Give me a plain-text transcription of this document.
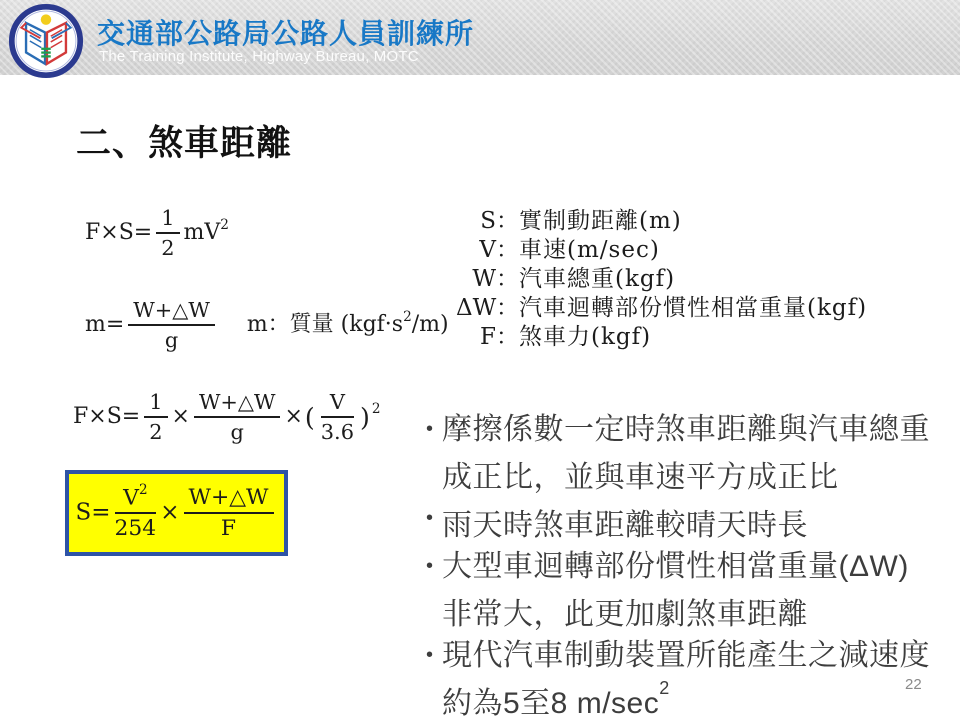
交通部公路局公路人員訓練所
The Training Institute, Highway Bureau, MOTC
二、煞車距離
$F\times S= \frac{1}{2} mV^2$
$m= \frac{W+\triangle W}{g}$ m：質量 $(kgf\cdot s^2/m)$
$F\times S= \frac{1}{2} \times \frac{W+\triangle W}{g}$ ×( $\frac{V}{3.6}$ ) $^2$
$S= \frac{V^2}{254} \times \frac{W+\triangle W}{F}$
S ： 實制動距離(m)
V ： 車速(m/sec)
W ： 汽車總重(kgf)
ΔW ： 汽車迴轉部份慣性相當重量(kgf)
F ： 煞車力(kgf)
• 摩擦係數一定時煞車距離與汽車總重成正比，並與車速平方成正比
• 雨天時煞車距離較晴天時長
• 大型車迴轉部份慣性相當重量(ΔW)非常大，此更加劇煞車距離
• 現代汽車制動裝置所能產生之減速度約為5至8 $m/\sec^2$	22
